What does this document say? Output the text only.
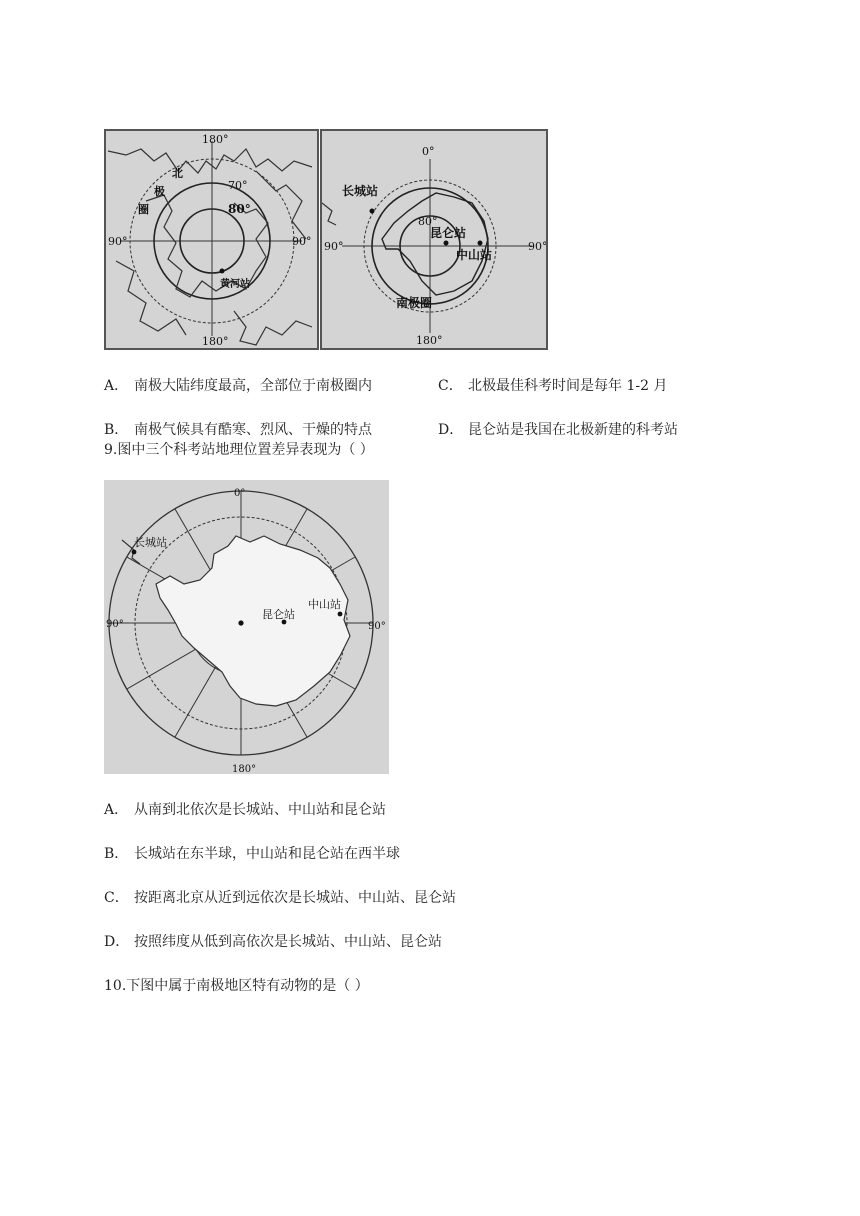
180°
180°
90°	90°
70°
80°
北
极
圈
黄河站
0°
180°
90°	90°
80°
长城站
昆仑站
中山站
南极圈
A． 南极大陆纬度最高，全部位于南极圈内	C． 北极最佳科考时间是每年 1-2 月
B． 南极气候具有酷寒、烈风、干燥的特点	D． 昆仑站是我国在北极新建的科考站
9.图中三个科考站地理位置差异表现为（ ）
0°
180°
90°	90°
长城站
昆仑站
中山站
A． 从南到北依次是长城站、中山站和昆仑站
B． 长城站在东半球，中山站和昆仑站在西半球
C． 按距离北京从近到远依次是长城站、中山站、昆仑站
D． 按照纬度从低到高依次是长城站、中山站、昆仑站
10.下图中属于南极地区特有动物的是（ ）
